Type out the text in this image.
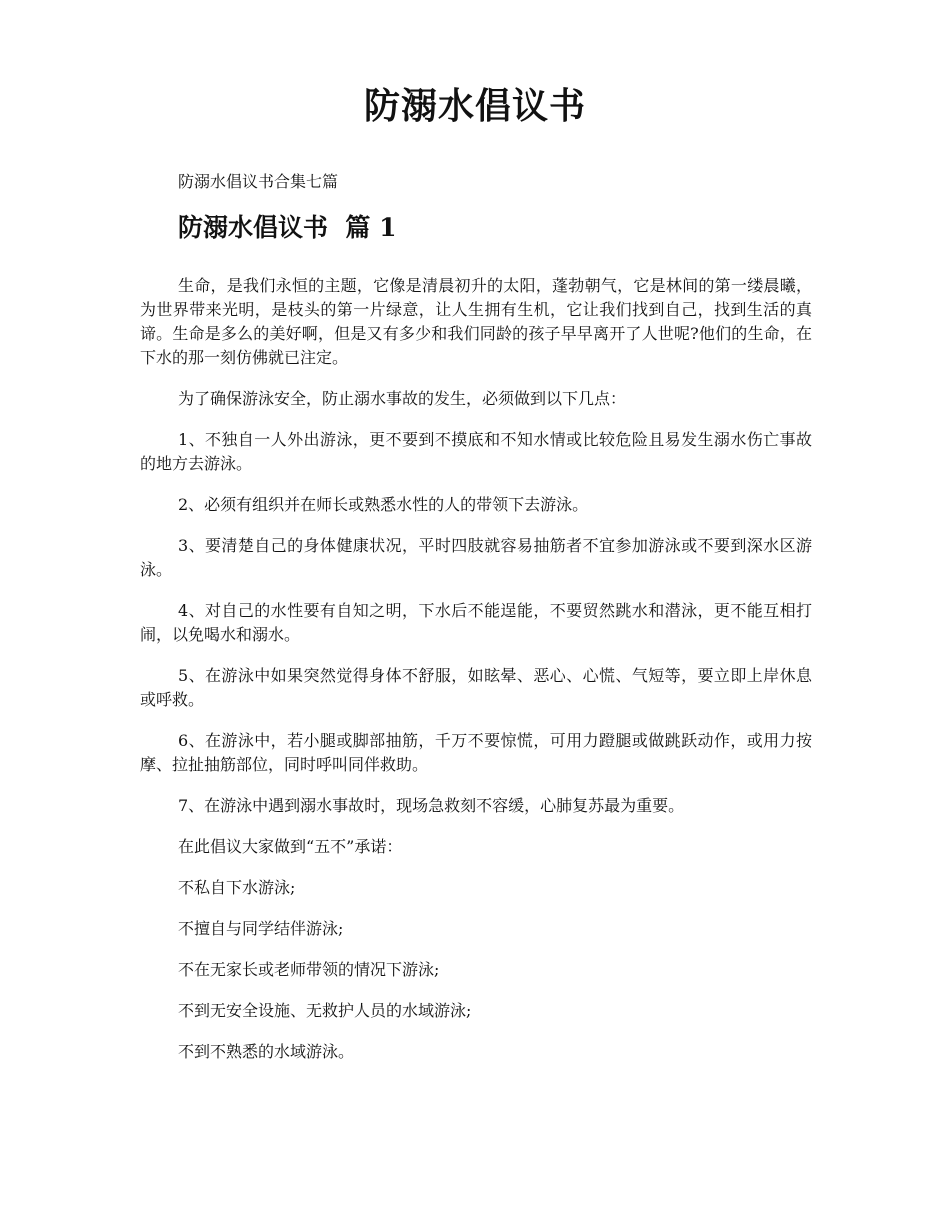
防溺水倡议书
防溺水倡议书合集七篇
防溺水倡议书  篇 1

生命，是我们永恒的主题，它像是清晨初升的太阳，蓬勃朝气，它是林间的第一缕晨曦，为世界带来光明，是枝头的第一片绿意，让人生拥有生机，它让我们找到自己，找到生活的真谛。生命是多么的美好啊，但是又有多少和我们同龄的孩子早早离开了人世呢?他们的生命，在下水的那一刻仿佛就已注定。

为了确保游泳安全，防止溺水事故的发生，必须做到以下几点：

1、不独自一人外出游泳，更不要到不摸底和不知水情或比较危险且易发生溺水伤亡事故的地方去游泳。

2、必须有组织并在师长或熟悉水性的人的带领下去游泳。

3、要清楚自己的身体健康状况，平时四肢就容易抽筋者不宜参加游泳或不要到深水区游泳。

4、对自己的水性要有自知之明，下水后不能逞能，不要贸然跳水和潜泳，更不能互相打闹，以免喝水和溺水。

5、在游泳中如果突然觉得身体不舒服，如眩晕、恶心、心慌、气短等，要立即上岸休息或呼救。

6、在游泳中，若小腿或脚部抽筋，千万不要惊慌，可用力蹬腿或做跳跃动作，或用力按摩、拉扯抽筋部位，同时呼叫同伴救助。

7、在游泳中遇到溺水事故时，现场急救刻不容缓，心肺复苏最为重要。

在此倡议大家做到“五不”承诺：

不私自下水游泳;

不擅自与同学结伴游泳;

不在无家长或老师带领的情况下游泳;

不到无安全设施、无救护人员的水域游泳;

不到不熟悉的水域游泳。
